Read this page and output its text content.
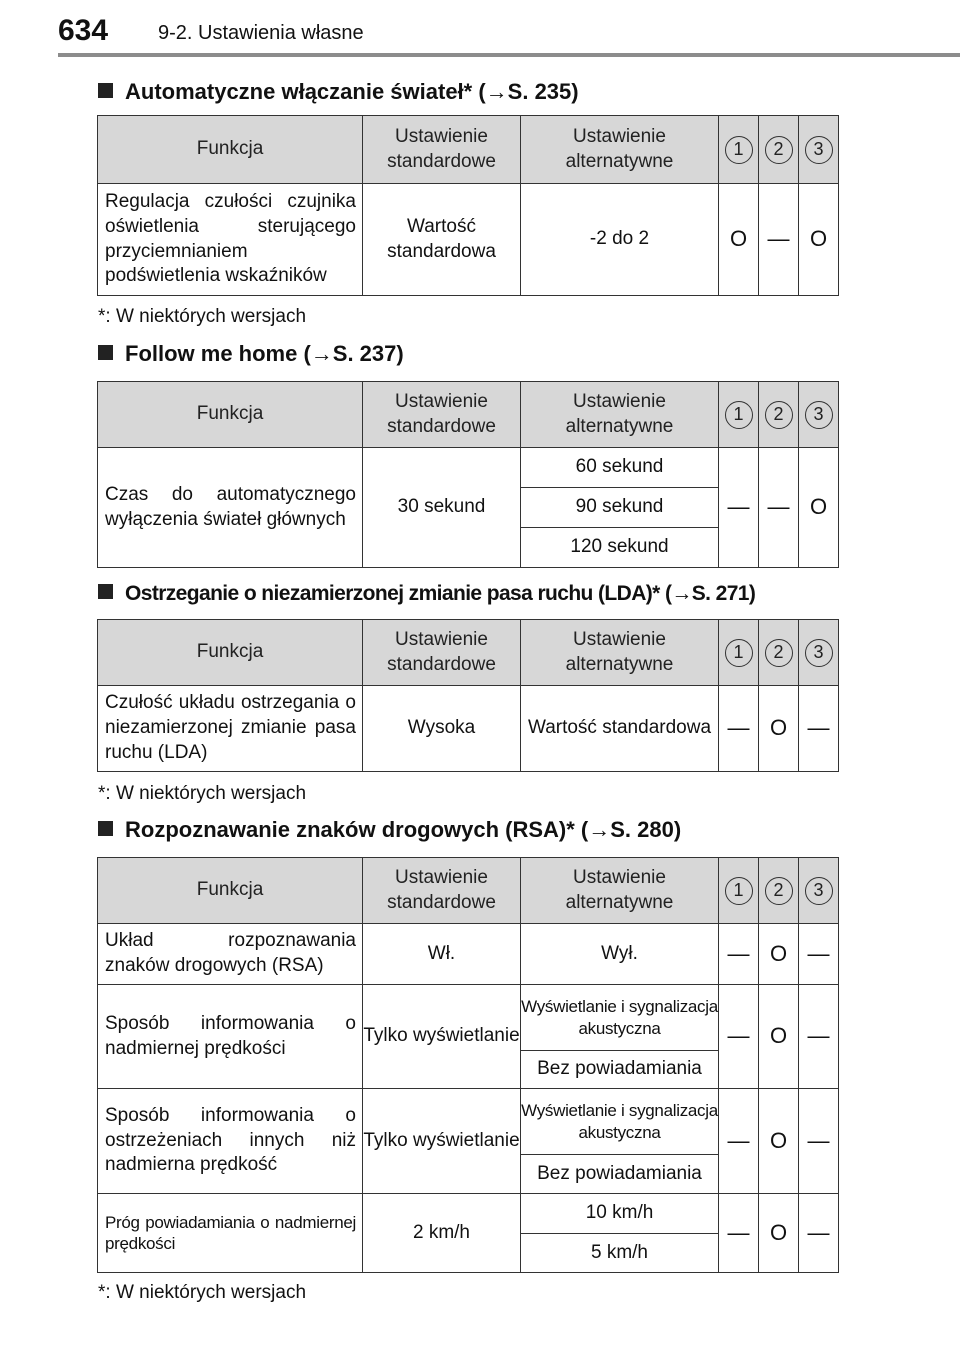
634 9-2. Ustawienia własne
Automatyczne włączanie świateł* (→S. 235)
Funkcja	Ustawienie standardowe	Ustawienie alternatywne	1	2	3
Regulacja czułości czujnika oświetlenia sterującego przyciemnianiem podświetlenia wskaźników	Wartość standardowa	-2 do 2	O	—	O
*: W niektórych wersjach
Follow me home (→S. 237)
Funkcja	Ustawienie standardowe	Ustawienie alternatywne	1	2	3
Czas do automatycznego wyłączenia świateł głównych	30 sekund	60 sekund	—	—	O
		90 sekund			
		120 sekund			
Ostrzeganie o niezamierzonej zmianie pasa ruchu (LDA)* (→S. 271)
Funkcja	Ustawienie standardowe	Ustawienie alternatywne	1	2	3
Czułość układu ostrzegania o niezamierzonej zmianie pasa ruchu (LDA)	Wysoka	Wartość standardowa	—	O	—
*: W niektórych wersjach
Rozpoznawanie znaków drogowych (RSA)* (→S. 280)
Funkcja	Ustawienie standardowe	Ustawienie alternatywne	1	2	3
Układ rozpoznawania znaków drogowych (RSA)	Wł.	Wył.	—	O	—
Sposób informowania o nadmiernej prędkości	Tylko wyświetlanie	Wyświetlanie i sygnalizacja akustyczna	—	O	—
		Bez powiadamiania			
Sposób informowania o ostrzeżeniach innych niż nadmierna prędkość	Tylko wyświetlanie	Wyświetlanie i sygnalizacja akustyczna	—	O	—
		Bez powiadamiania			
Próg powiadamiania o nadmiernej prędkości	2 km/h	10 km/h	—	O	—
		5 km/h			
*: W niektórych wersjach
